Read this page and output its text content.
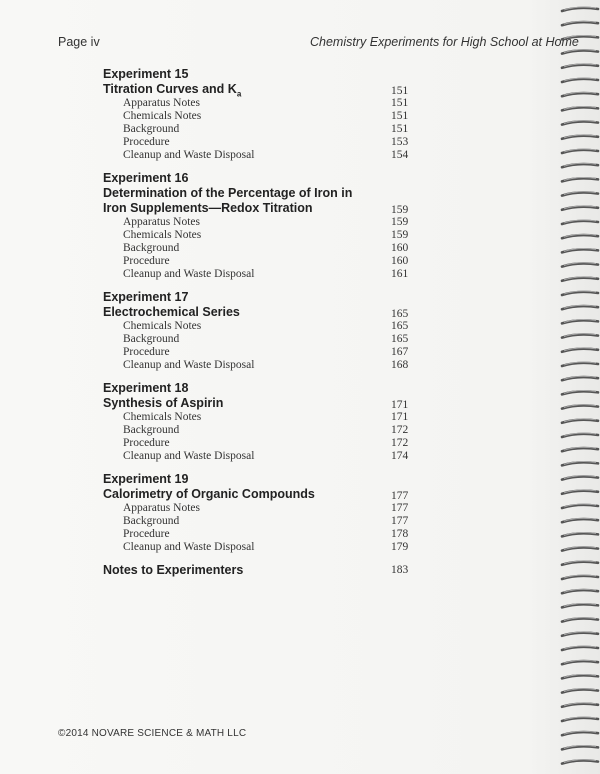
Page iv	Chemistry Experiments for High School at Home
Experiment 15
Titration Curves and $K_a$	151
Apparatus Notes	151
Chemicals Notes	151
Background	151
Procedure	153
Cleanup and Waste Disposal	154
Experiment 16
Determination of the Percentage of Iron in
Iron Supplements—Redox Titration	159
Apparatus Notes	159
Chemicals Notes	159
Background	160
Procedure	160
Cleanup and Waste Disposal	161
Experiment 17
Electrochemical Series	165
Chemicals Notes	165
Background	165
Procedure	167
Cleanup and Waste Disposal	168
Experiment 18
Synthesis of Aspirin	171
Chemicals Notes	171
Background	172
Procedure	172
Cleanup and Waste Disposal	174
Experiment 19
Calorimetry of Organic Compounds	177
Apparatus Notes	177
Background	177
Procedure	178
Cleanup and Waste Disposal	179
Notes to Experimenters	183
©2014 NOVARE SCIENCE & MATH LLC
